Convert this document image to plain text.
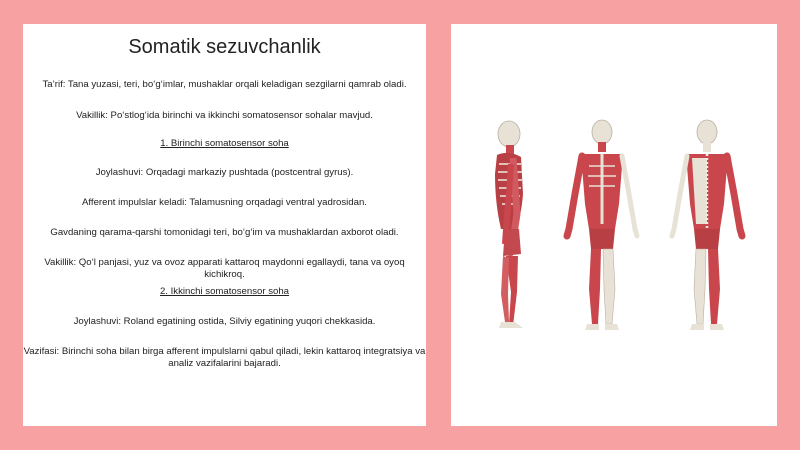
Somatik sezuvchanlik
Ta’rif: Tana yuzasi, teri, bo‘g‘imlar, mushaklar orqali keladigan sezgilarni qamrab oladi.
Vakillik: Po‘stlog‘ida birinchi va ikkinchi somatosensor sohalar mavjud.
1. Birinchi somatosensor soha
Joylashuvi: Orqadagi markaziy pushtada (postcentral gyrus).
Afferent impulslar keladi: Talamusning orqadagi ventral yadrosidan.
Gavdaning qarama-qarshi tomonidagi teri, bo‘g‘im va mushaklardan axborot oladi.
Vakillik: Qo‘l panjasi, yuz va ovoz apparati kattaroq maydonni egallaydi, tana va oyoq kichikroq.
2. Ikkinchi somatosensor soha
Joylashuvi: Roland egatining ostida, Silviy egatining yuqori chekkasida.
Vazifasi: Birinchi soha bilan birga afferent impulslarni qabul qiladi, lekin kattaroq integratsiya va analiz vazifalarini bajaradi.
